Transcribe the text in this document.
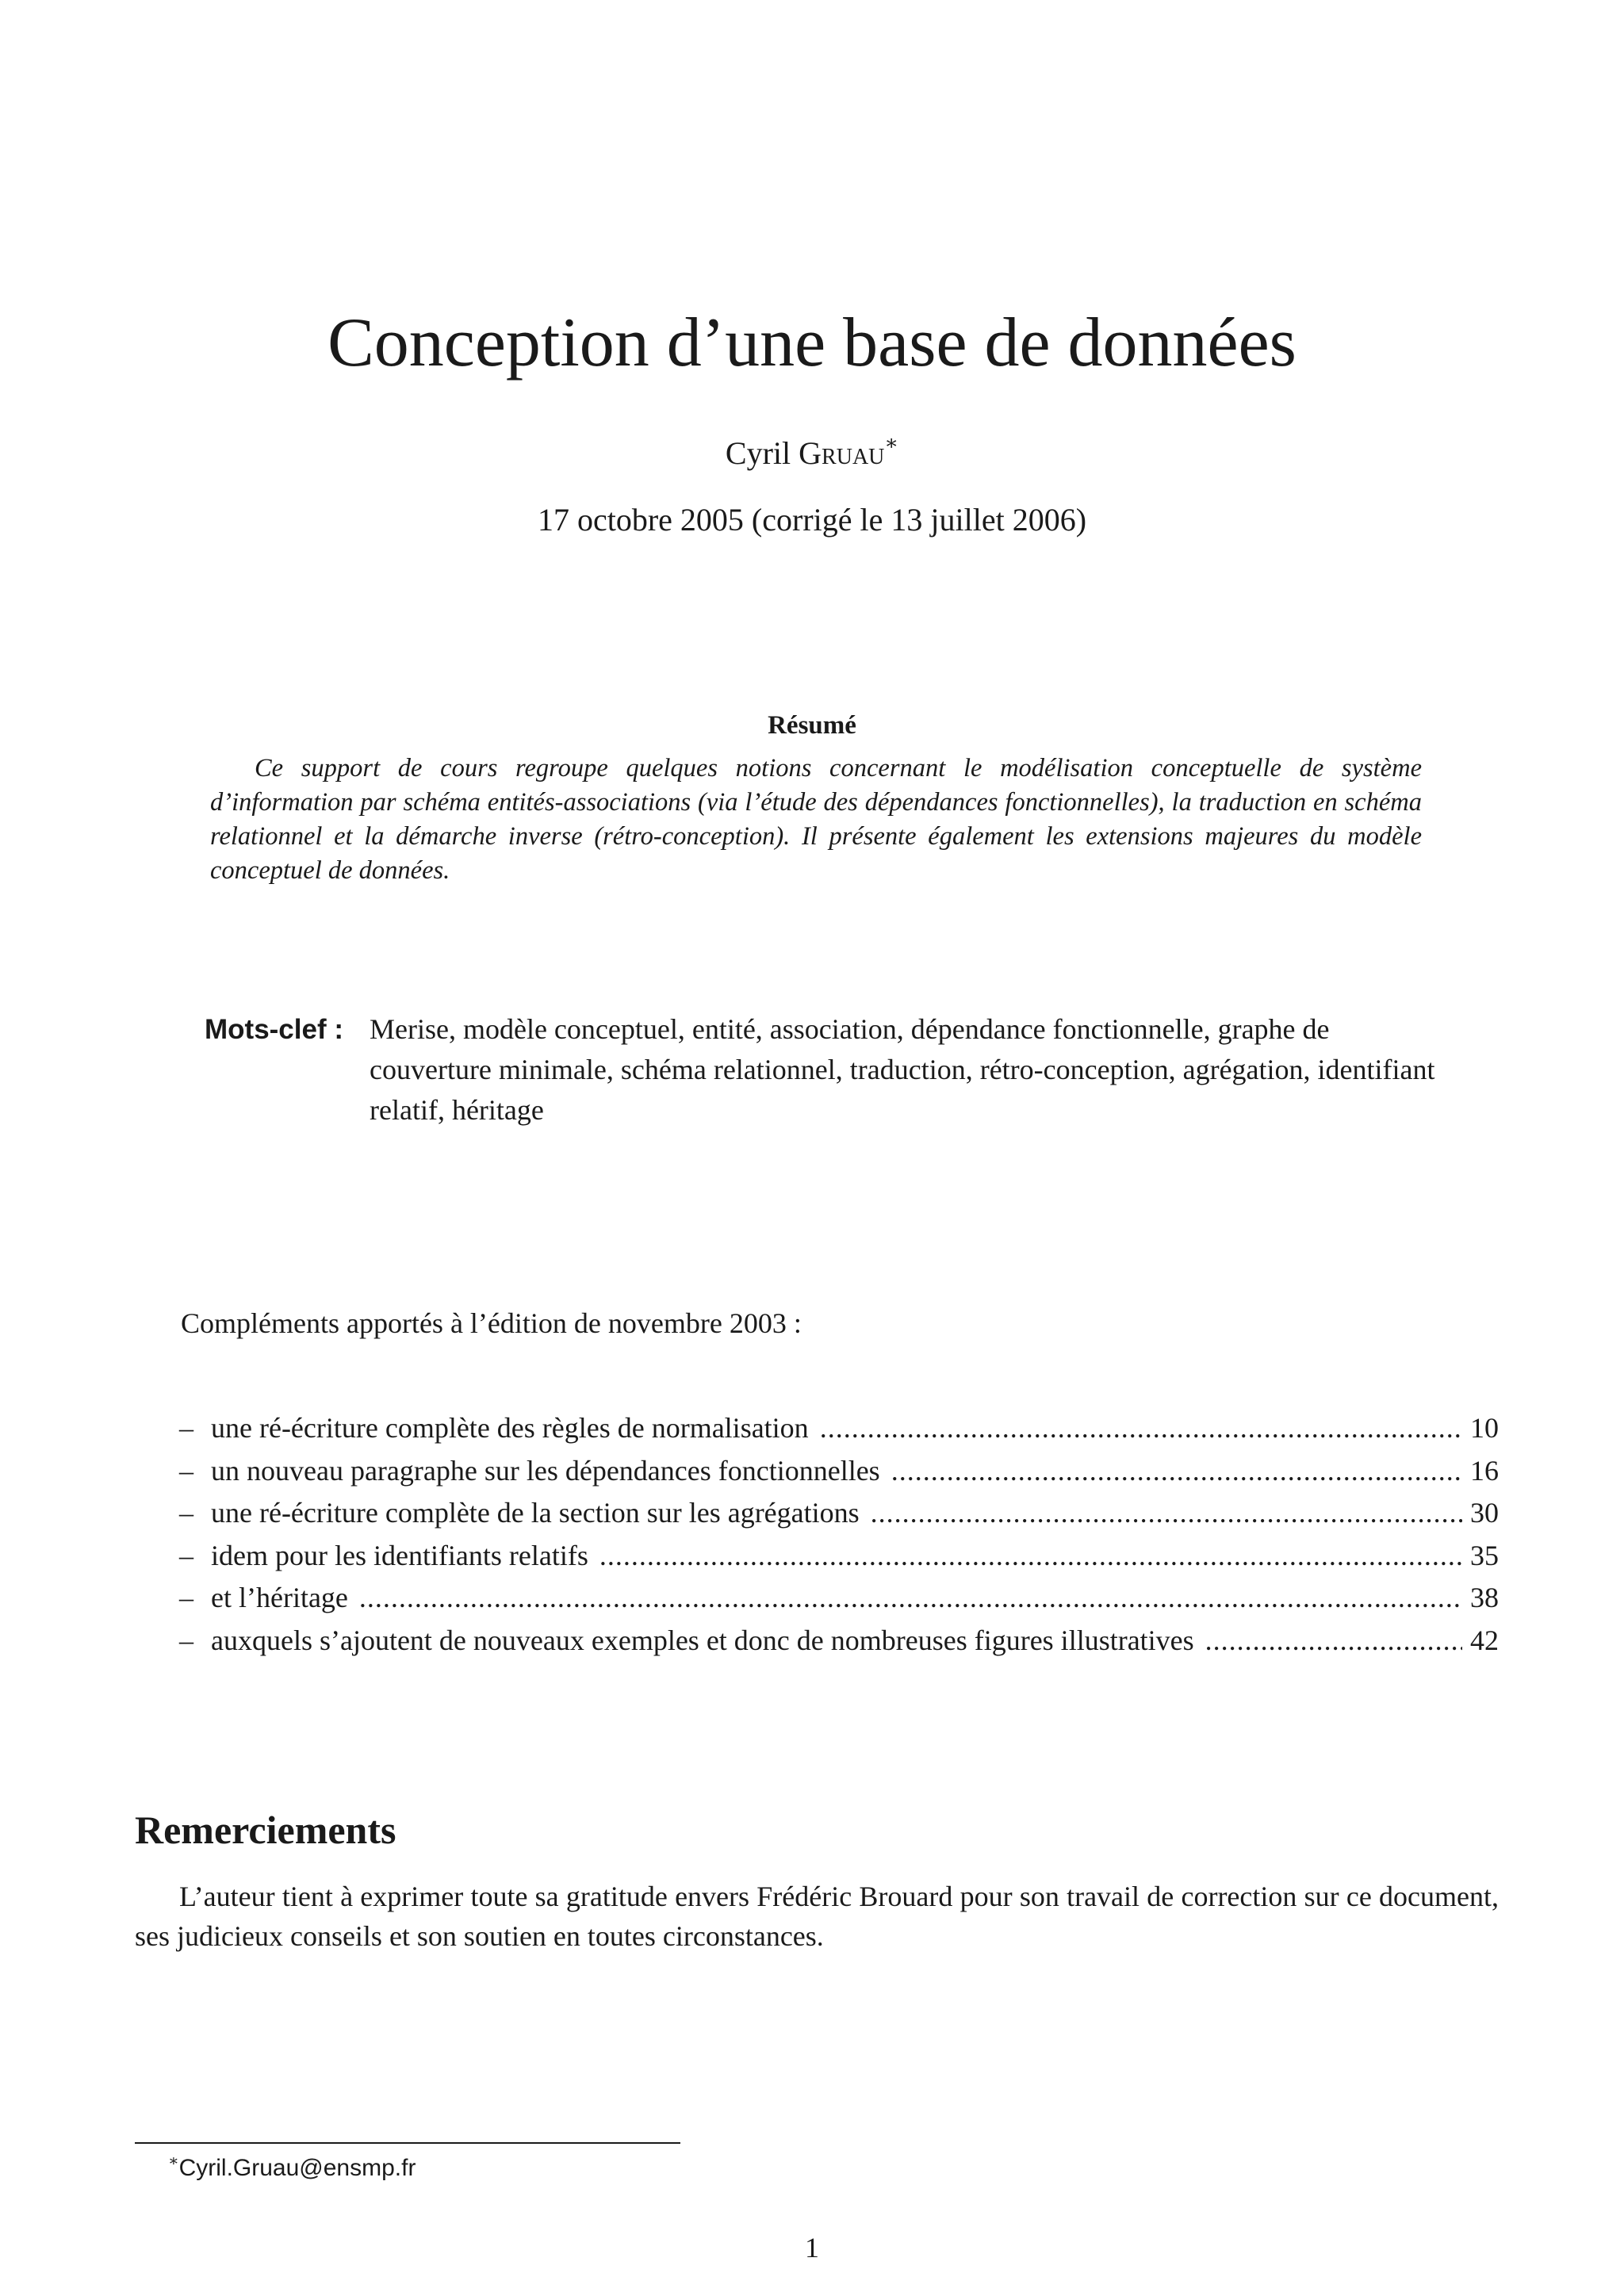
Conception d’une base de données
Cyril Gruau∗
17 octobre 2005 (corrigé le 13 juillet 2006)
Résumé

Ce support de cours regroupe quelques notions concernant le modélisation conceptuelle de système d’information par schéma entités-associations (via l’étude des dépendances fonctionnelles), la traduction en schéma relationnel et la démarche inverse (rétro-conception). Il présente également les extensions majeures du modèle conceptuel de données.

Mots-clef : Merise, modèle conceptuel, entité, association, dépendance fonctionnelle, graphe de couverture minimale, schéma relationnel, traduction, rétro-conception, agrégation, identifiant relatif, héritage
Compléments apportés à l’édition de novembre 2003 :
– une ré-écriture complète des règles de normalisation . . .	10
– un nouveau paragraphe sur les dépendances fonctionnelles . . .	16
– une ré-écriture complète de la section sur les agrégations . . .	30
– idem pour les identifiants relatifs . . .	35
– et l’héritage . . .	38
– auxquels s’ajoutent de nouveaux exemples et donc de nombreuses figures illustratives . . .	42
Remerciements

L’auteur tient à exprimer toute sa gratitude envers Frédéric Brouard pour son travail de correction sur ce document, ses judicieux conseils et son soutien en toutes circonstances.

∗Cyril.Gruau@ensmp.fr
1
